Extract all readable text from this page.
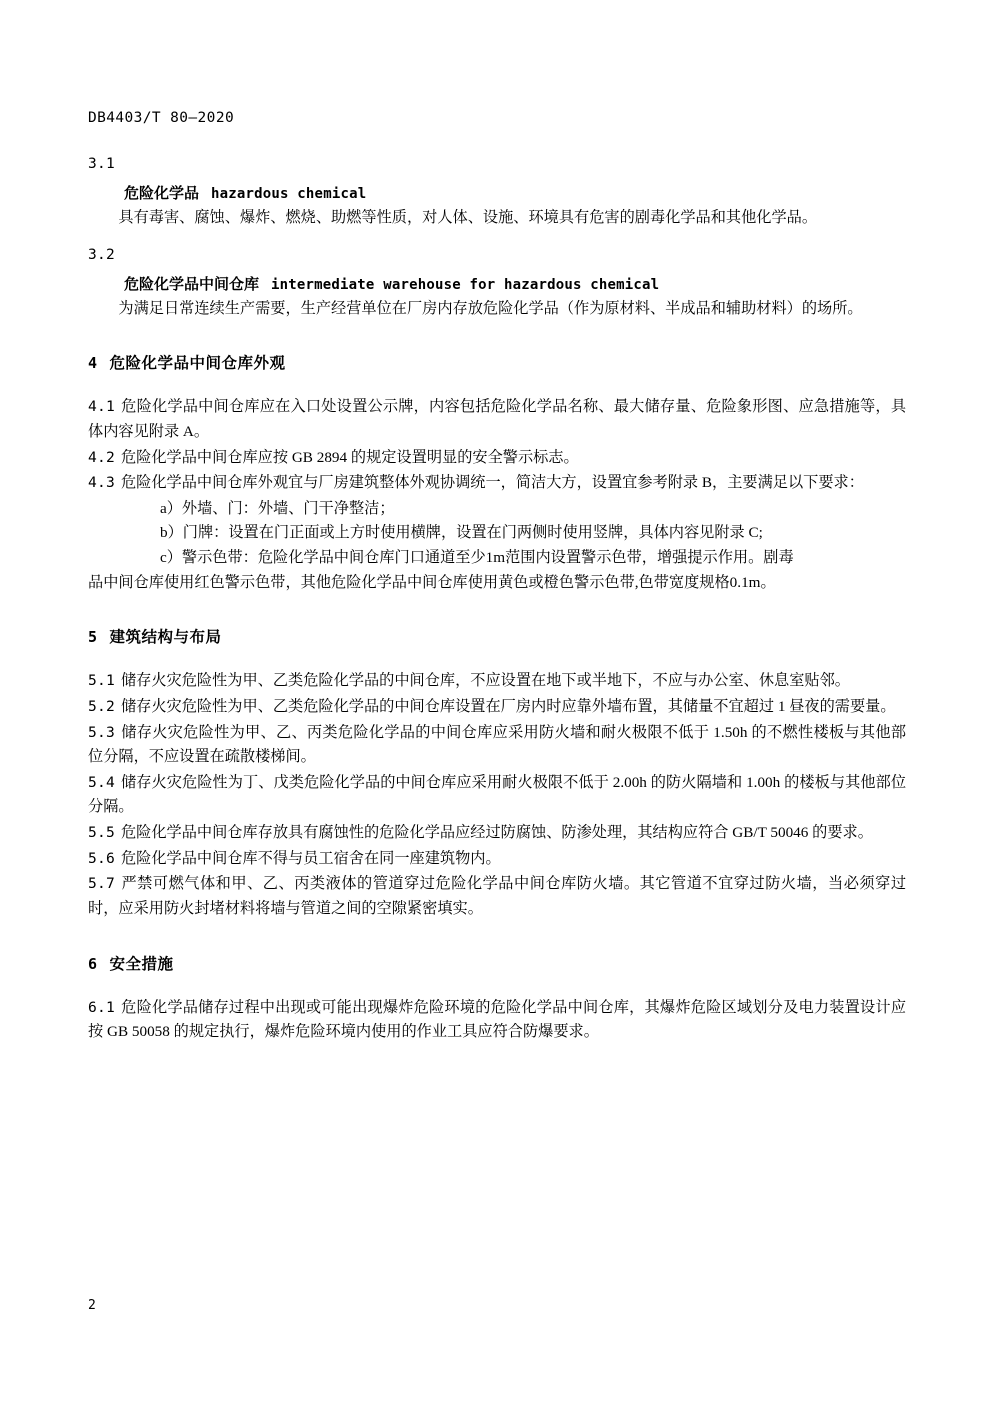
DB4403/T 80—2020
3.1
危险化学品 hazardous chemical

具有毒害、腐蚀、爆炸、燃烧、助燃等性质，对人体、设施、环境具有危害的剧毒化学品和其他化学品。

3.2
危险化学品中间仓库 intermediate warehouse for hazardous chemical

为满足日常连续生产需要，生产经营单位在厂房内存放危险化学品（作为原材料、半成品和辅助材料）的场所。

4 危险化学品中间仓库外观

4.1 危险化学品中间仓库应在入口处设置公示牌，内容包括危险化学品名称、最大储存量、危险象形图、应急措施等，具体内容见附录 A。

4.2 危险化学品中间仓库应按 GB 2894 的规定设置明显的安全警示标志。

4.3 危险化学品中间仓库外观宜与厂房建筑整体外观协调统一，简洁大方，设置宜参考附录 B，主要满足以下要求：

a）外墙、门：外墙、门干净整洁；
b）门牌：设置在门正面或上方时使用横牌，设置在门两侧时使用竖牌，具体内容见附录 C;
c）警示色带：危险化学品中间仓库门口通道至少1m范围内设置警示色带，增强提示作用。剧毒
品中间仓库使用红色警示色带，其他危险化学品中间仓库使用黄色或橙色警示色带,色带宽度规格0.1m。
5 建筑结构与布局

5.1 储存火灾危险性为甲、乙类危险化学品的中间仓库，不应设置在地下或半地下，不应与办公室、休息室贴邻。

5.2 储存火灾危险性为甲、乙类危险化学品的中间仓库设置在厂房内时应靠外墙布置，其储量不宜超过 1 昼夜的需要量。

5.3 储存火灾危险性为甲、乙、丙类危险化学品的中间仓库应采用防火墙和耐火极限不低于 1.50h 的不燃性楼板与其他部位分隔，不应设置在疏散楼梯间。

5.4 储存火灾危险性为丁、戊类危险化学品的中间仓库应采用耐火极限不低于 2.00h 的防火隔墙和 1.00h 的楼板与其他部位分隔。

5.5 危险化学品中间仓库存放具有腐蚀性的危险化学品应经过防腐蚀、防渗处理，其结构应符合 GB/T 50046 的要求。

5.6 危险化学品中间仓库不得与员工宿舍在同一座建筑物内。

5.7 严禁可燃气体和甲、乙、丙类液体的管道穿过危险化学品中间仓库防火墙。其它管道不宜穿过防火墙，当必须穿过时，应采用防火封堵材料将墙与管道之间的空隙紧密填实。

6 安全措施

6.1 危险化学品储存过程中出现或可能出现爆炸危险环境的危险化学品中间仓库，其爆炸危险区域划分及电力装置设计应按 GB 50058 的规定执行，爆炸危险环境内使用的作业工具应符合防爆要求。

2
